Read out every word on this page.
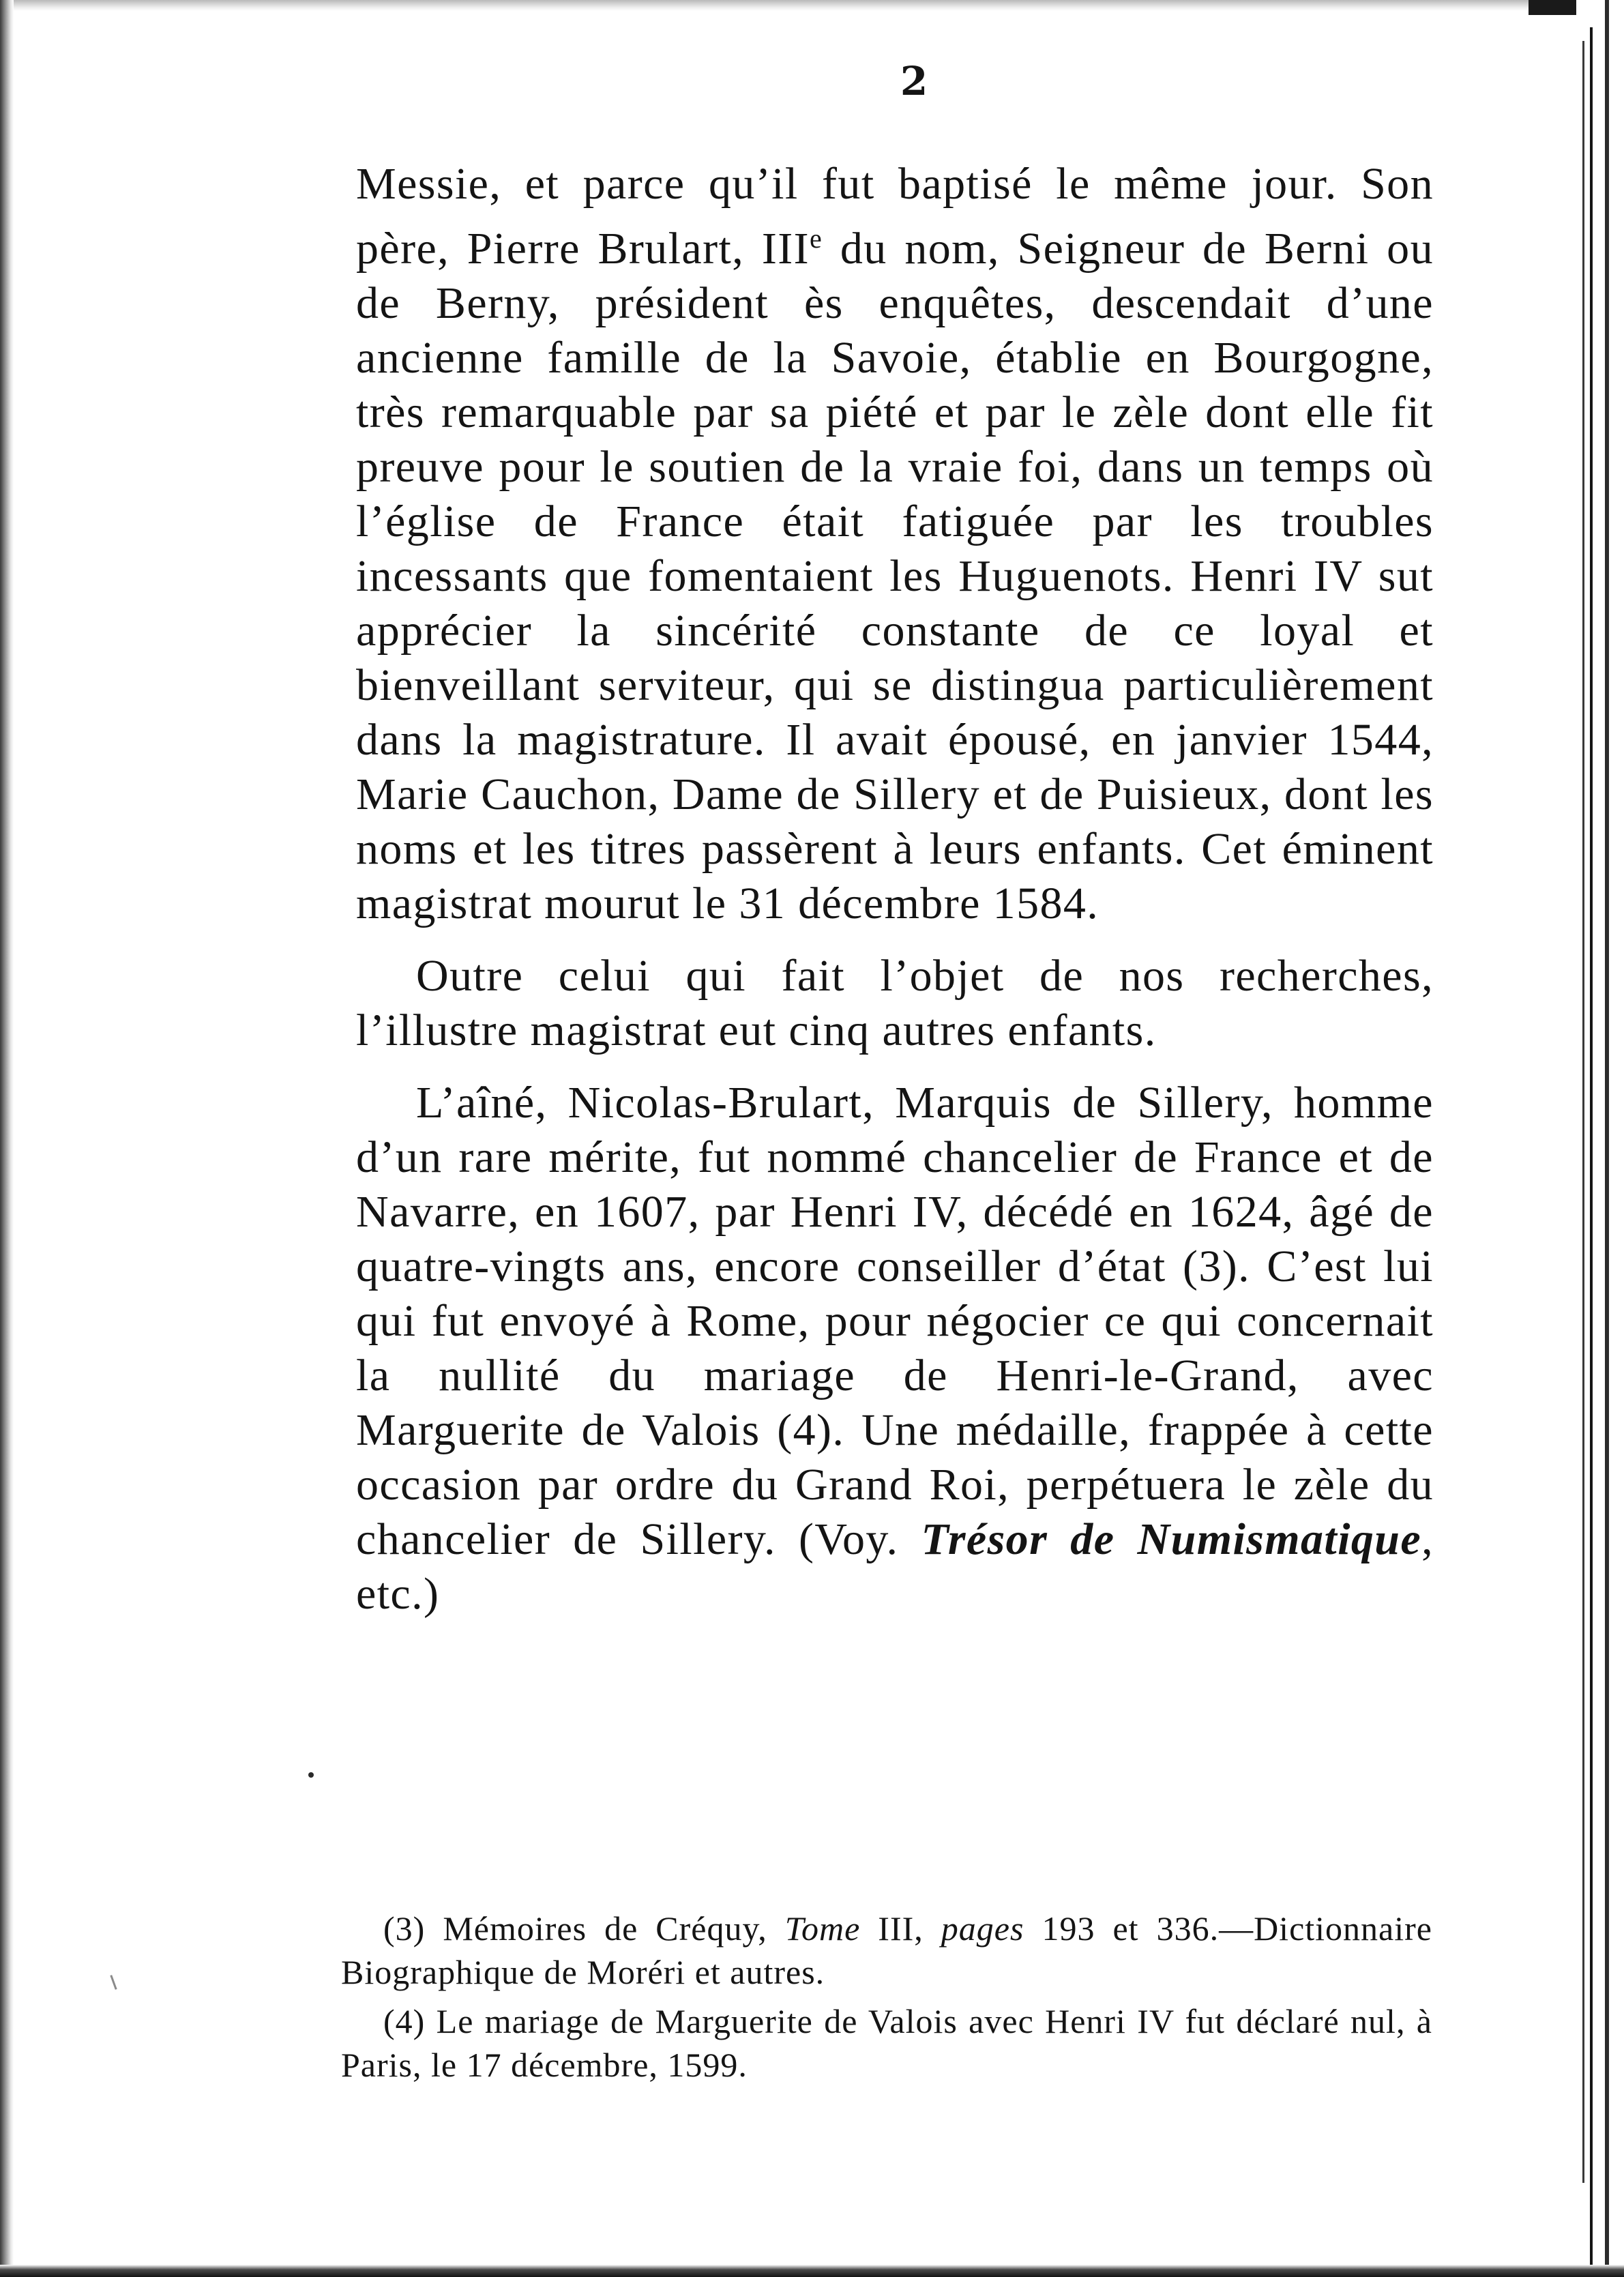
2

Messie, et parce qu’il fut baptisé le même jour. Son père, Pierre Brulart, IIIe du nom, Seigneur de Berni ou de Berny, président ès enquêtes, descendait d’une ancienne famille de la Savoie, établie en Bourgogne, très remarquable par sa piété et par le zèle dont elle fit preuve pour le soutien de la vraie foi, dans un temps où l’église de France était fatiguée par les troubles incessants que fomentaient les Huguenots. Henri IV sut apprécier la sincérité constante de ce loyal et bienveillant serviteur, qui se distingua particulièrement dans la magistrature. Il avait épousé, en janvier 1544, Marie Cauchon, Dame de Sillery et de Puisieux, dont les noms et les titres passèrent à leurs enfants. Cet éminent magistrat mourut le 31 décembre 1584.

Outre celui qui fait l’objet de nos recherches, l’illustre magistrat eut cinq autres enfants.

L’aîné, Nicolas-Brulart, Marquis de Sillery, homme d’un rare mérite, fut nommé chancelier de France et de Navarre, en 1607, par Henri IV, décédé en 1624, âgé de quatre-vingts ans, encore conseiller d’état (3). C’est lui qui fut envoyé à Rome, pour négocier ce qui concernait la nullité du mariage de Henri-le-Grand, avec Marguerite de Valois (4). Une médaille, frappée à cette occasion par ordre du Grand Roi, perpétuera le zèle du chancelier de Sillery. (Voy. Trésor de Numismatique, etc.)

(3) Mémoires de Créquy, Tome III, pages 193 et 336.—Dictionnaire Biographique de Moréri et autres.

(4) Le mariage de Marguerite de Valois avec Henri IV fut déclaré nul, à Paris, le 17 décembre, 1599.
